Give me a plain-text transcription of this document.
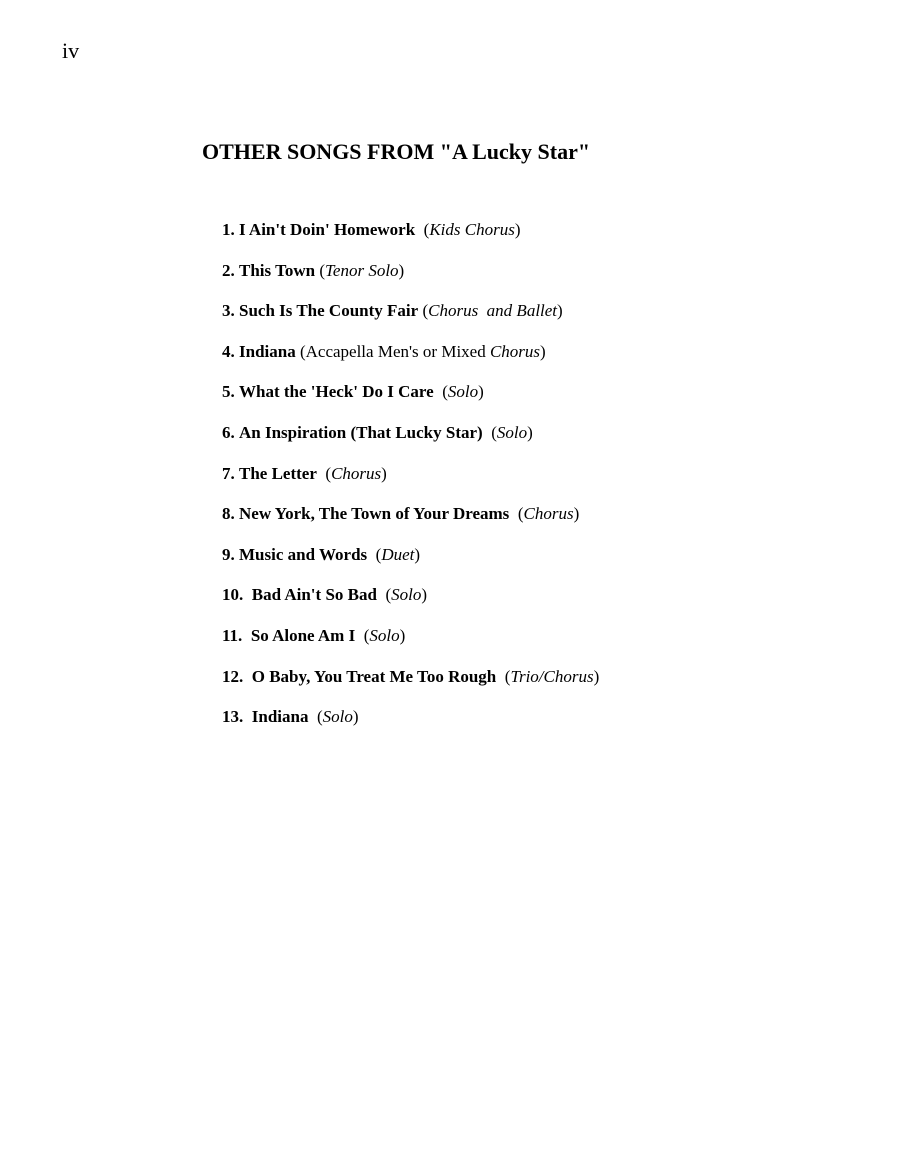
iv
OTHER SONGS FROM "A Lucky Star"
1. I Ain't Doin' Homework  (Kids Chorus)
2. This Town (Tenor Solo)
3. Such Is The County Fair (Chorus  and Ballet)
4. Indiana (Accapella Men's or Mixed Chorus)
5. What the 'Heck' Do I Care  (Solo)
6. An Inspiration (That Lucky Star)  (Solo)
7. The Letter  (Chorus)
8. New York, The Town of Your Dreams  (Chorus)
9. Music and Words  (Duet)
10.  Bad Ain't So Bad  (Solo)
11.  So Alone Am I  (Solo)
12.  O Baby, You Treat Me Too Rough  (Trio/Chorus)
13.  Indiana  (Solo)
